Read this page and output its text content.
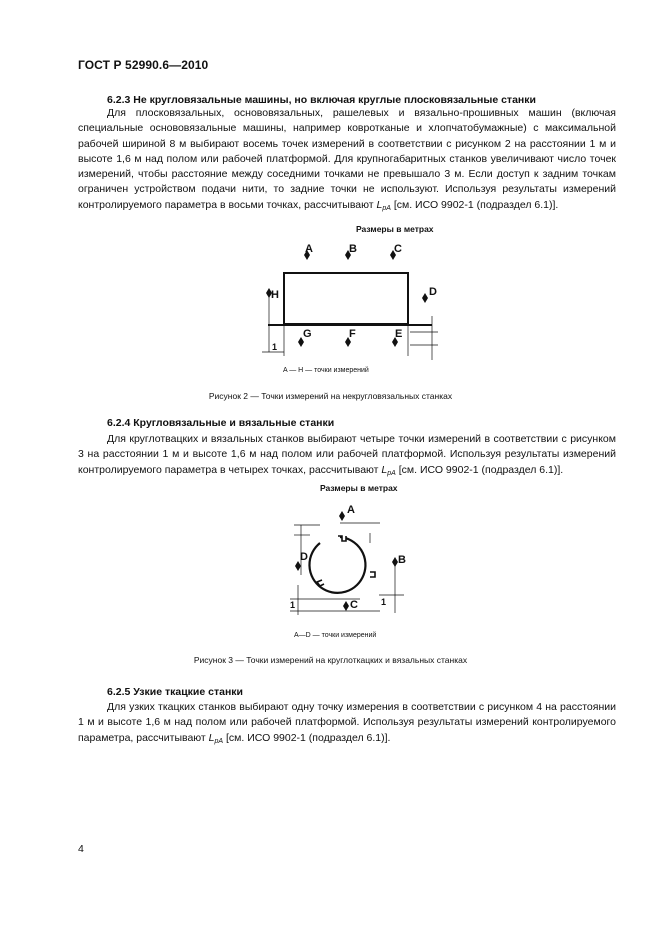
ГОСТ Р 52990.6—2010
6.2.3 Не кругловязальные машины, но включая круглые плосковязальные станки

Для плосковязальных, основовязальных, рашелевых и вязально-прошивных машин (включая специальные основовязальные машины, например ковротканые и хлопчатобумажные) с максимальной рабочей шириной 8 м выбирают восемь точек измерений в соответствии с рисунком 2 на расстоянии 1 м и высоте 1,6 м над полом или рабочей платформой. Для крупногабаритных станков увеличивают число точек измерений, чтобы расстояние между соседними точками не превышало 3 м. Если доступ к задним точкам ограничен устройством подачи нити, то задние точки не используют. Используя результаты измерений контролируемого параметра в восьми точках, рассчитывают $L_{pA}$ [см. ИСО 9902-1 (подраздел 6.1)].

Размеры в метрах
A	B	C
D
E
F
G
H
1
A — H — точки измерений
Рисунок 2 — Точки измерений на некругловязальных станках
6.2.4 Кругловязальные и вязальные станки

Для круглотвацких и вязальных станков выбирают четыре точки измерений в соответствии с рисунком 3 на расстоянии 1 м и высоте 1,6 м над полом или рабочей платформой. Используя результаты измерений контролируемого параметра в четырех точках, рассчитывают $L_{pA}$ [см. ИСО 9902-1 (подраздел 6.1)].

Размеры в метрах
A
B
C
D
1	1
A—D — точки измерений
Рисунок 3 — Точки измерений на круглоткацких и вязальных станках
6.2.5 Узкие ткацкие станки

Для узких ткацких станков выбирают одну точку измерения в соответствии с рисунком 4 на расстоянии 1 м и высоте 1,6 м над полом или рабочей платформой. Используя результаты измерений контролируемого параметра, рассчитывают $L_{pA}$ [см. ИСО 9902-1 (подраздел 6.1)].

4
